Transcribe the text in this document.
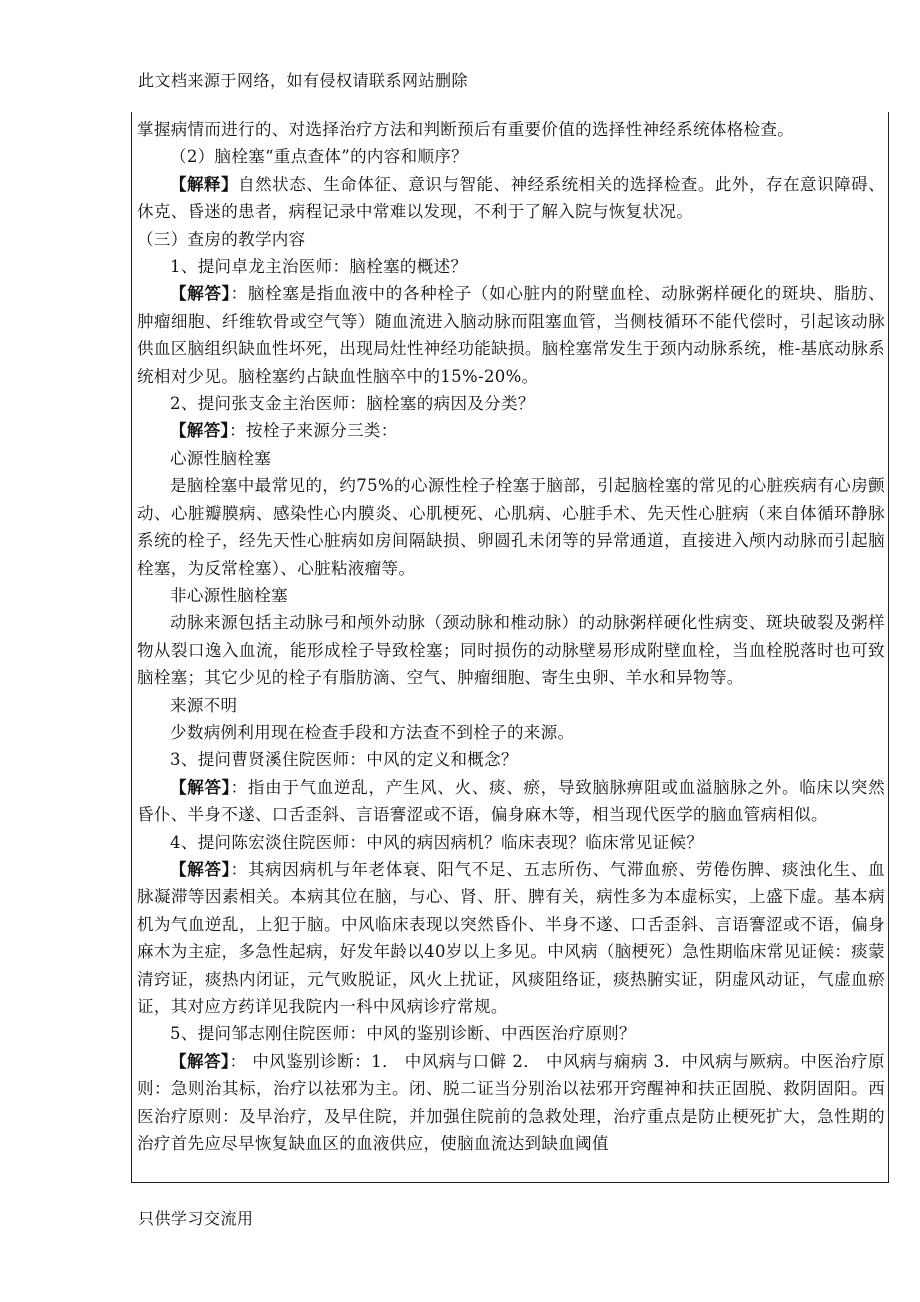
此文档来源于网络，如有侵权请联系网站删除

掌握病情而进行的、对选择治疗方法和判断预后有重要价值的选择性神经系统体格检查。

（2）脑栓塞“重点查体”的内容和顺序？

【解释】自然状态、生命体征、意识与智能、神经系统相关的选择检查。此外，存在意识障碍、休克、昏迷的患者，病程记录中常难以发现，不利于了解入院与恢复状况。

（三）查房的教学内容

1、提问卓龙主治医师：脑栓塞的概述？

【解答】：脑栓塞是指血液中的各种栓子（如心脏内的附壁血栓、动脉粥样硬化的斑块、脂肪、肿瘤细胞、纤维软骨或空气等）随血流进入脑动脉而阻塞血管，当侧枝循环不能代偿时，引起该动脉供血区脑组织缺血性坏死，出现局灶性神经功能缺损。脑栓塞常发生于颈内动脉系统，椎-基底动脉系统相对少见。脑栓塞约占缺血性脑卒中的15%-20%。

2、提问张支金主治医师：脑栓塞的病因及分类？

【解答】：按栓子来源分三类：

心源性脑栓塞

是脑栓塞中最常见的，约75%的心源性栓子栓塞于脑部，引起脑栓塞的常见的心脏疾病有心房颤动、心脏瓣膜病、感染性心内膜炎、心肌梗死、心肌病、心脏手术、先天性心脏病（来自体循环静脉系统的栓子，经先天性心脏病如房间隔缺损、卵圆孔未闭等的异常通道，直接进入颅内动脉而引起脑栓塞，为反常栓塞）、心脏粘液瘤等。

非心源性脑栓塞

动脉来源包括主动脉弓和颅外动脉（颈动脉和椎动脉）的动脉粥样硬化性病变、斑块破裂及粥样物从裂口逸入血流，能形成栓子导致栓塞；同时损伤的动脉壁易形成附壁血栓，当血栓脱落时也可致脑栓塞；其它少见的栓子有脂肪滴、空气、肿瘤细胞、寄生虫卵、羊水和异物等。

来源不明

少数病例利用现在检查手段和方法查不到栓子的来源。

3、提问曹贤溪住院医师：中风的定义和概念？

【解答】：指由于气血逆乱，产生风、火、痰、瘀，导致脑脉痹阻或血溢脑脉之外。临床以突然昏仆、半身不遂、口舌歪斜、言语謇涩或不语，偏身麻木等，相当现代医学的脑血管病相似。

4、提问陈宏淡住院医师：中风的病因病机？临床表现？临床常见证候？

【解答】：其病因病机与年老体衰、阳气不足、五志所伤、气滞血瘀、劳倦伤脾、痰浊化生、血脉凝滞等因素相关。本病其位在脑，与心、肾、肝、脾有关，病性多为本虚标实，上盛下虚。基本病机为气血逆乱，上犯于脑。中风临床表现以突然昏仆、半身不遂、口舌歪斜、言语謇涩或不语，偏身麻木为主症，多急性起病，好发年龄以40岁以上多见。中风病（脑梗死）急性期临床常见证候：痰蒙清窍证，痰热内闭证，元气败脱证，风火上扰证，风痰阻络证，痰热腑实证，阴虚风动证，气虚血瘀证，其对应方药详见我院内一科中风病诊疗常规。

5、提问邹志刚住院医师：中风的鉴别诊断、中西医治疗原则？

【解答】： 中风鉴别诊断：1． 中风病与口僻 2． 中风病与痫病 3．中风病与厥病。中医治疗原则：急则治其标，治疗以祛邪为主。闭、脱二证当分别治以祛邪开窍醒神和扶正固脱、救阴固阳。西医治疗原则：及早治疗，及早住院，并加强住院前的急救处理，治疗重点是防止梗死扩大，急性期的治疗首先应尽早恢复缺血区的血液供应，使脑血流达到缺血阈值

只供学习交流用
